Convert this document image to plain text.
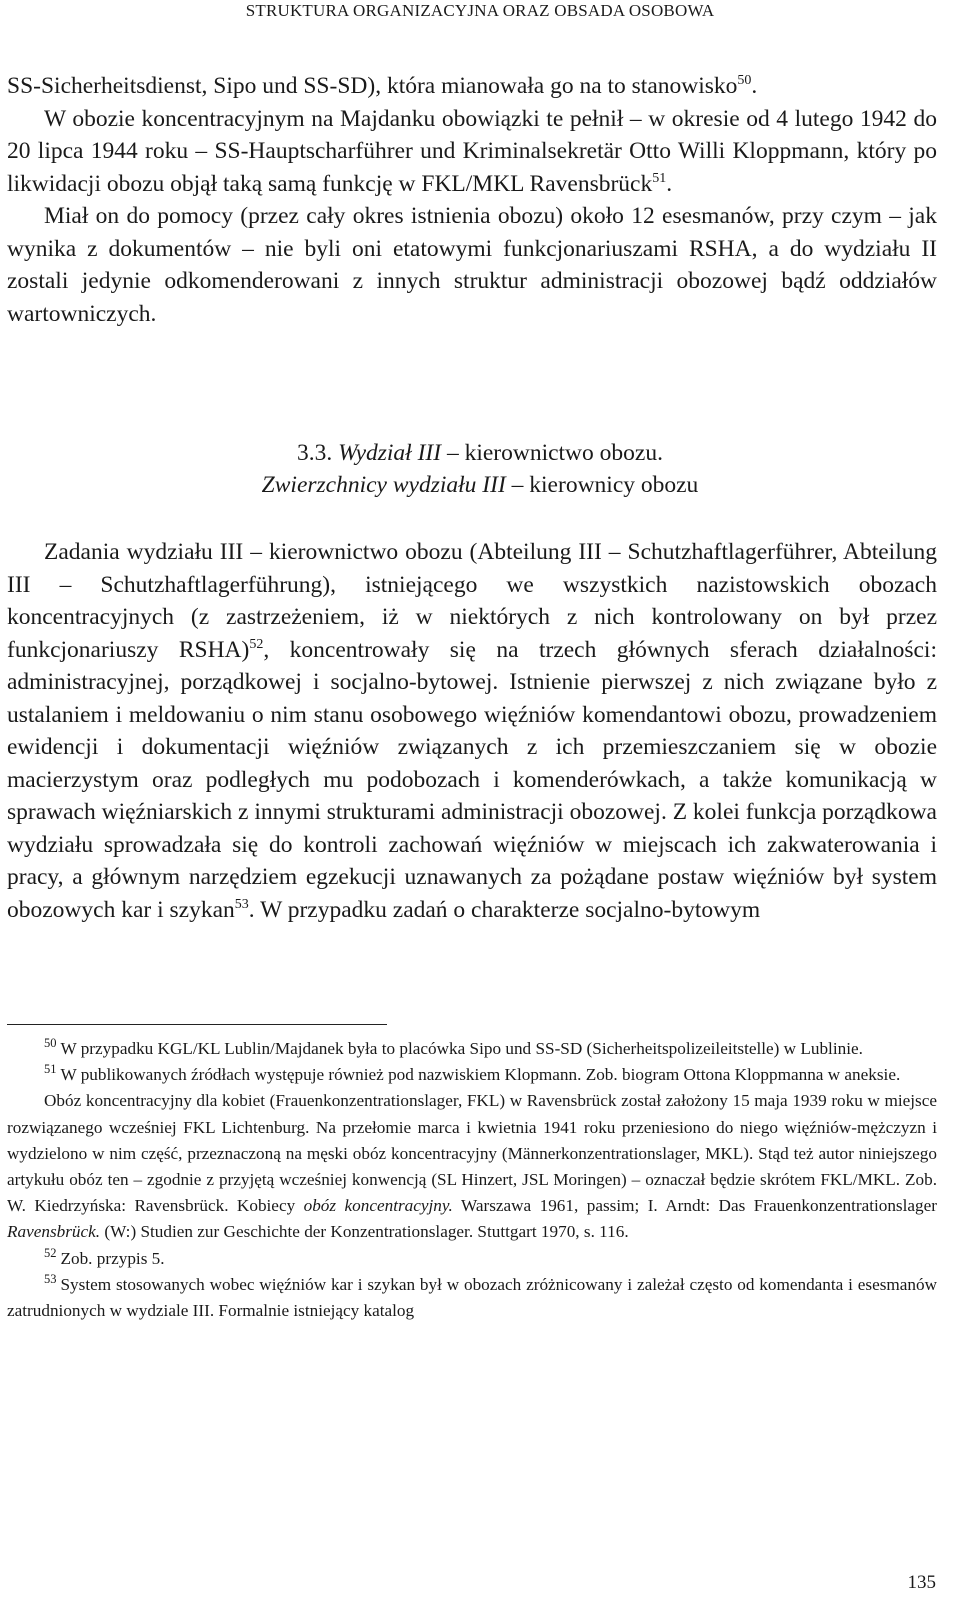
STRUKTURA ORGANIZACYJNA ORAZ OBSADA OSOBOWA

SS-Sicherheitsdienst, Sipo und SS-SD), która mianowała go na to stanowisko$^{50}$.

W obozie koncentracyjnym na Majdanku obowiązki te pełnił – w okresie od 4 lutego 1942 do 20 lipca 1944 roku – SS-Hauptscharführer und Kriminalsekretär Otto Willi Kloppmann, który po likwidacji obozu objął taką samą funkcję w FKL/MKL Ravensbrück$^{51}$.

Miał on do pomocy (przez cały okres istnienia obozu) około 12 esesmanów, przy czym – jak wynika z dokumentów – nie byli oni etatowymi funkcjonariuszami RSHA, a do wydziału II zostali jedynie odkomenderowani z innych struktur administracji obozowej bądź oddziałów wartowniczych.

3.3. Wydział III – kierownictwo obozu.
Zwierzchnicy wydziału III – kierownicy obozu

Zadania wydziału III – kierownictwo obozu (Abteilung III – Schutzhaftlagerführer, Abteilung III – Schutzhaftlagerführung), istniejącego we wszystkich nazistowskich obozach koncentracyjnych (z zastrzeżeniem, iż w niektórych z nich kontrolowany on był przez funkcjonariuszy RSHA)$^{52}$, koncentrowały się na trzech głównych sferach działalności: administracyjnej, porządkowej i socjalno-bytowej. Istnienie pierwszej z nich związane było z ustalaniem i meldowaniu o nim stanu osobowego więźniów komendantowi obozu, prowadzeniem ewidencji i dokumentacji więźniów związanych z ich przemieszczaniem się w obozie macierzystym oraz podległych mu podobozach i komenderówkach, a także komunikacją w sprawach więźniarskich z innymi strukturami administracji obozowej. Z kolei funkcja porządkowa wydziału sprowadzała się do kontroli zachowań więźniów w miejscach ich zakwaterowania i pracy, a głównym narzędziem egzekucji uznawanych za pożądane postaw więźniów był system obozowych kar i szykan$^{53}$. W przypadku zadań o charakterze socjalno-bytowym

$^{50}$ W przypadku KGL/KL Lublin/Majdanek była to placówka Sipo und SS-SD (Sicherheitspolizeileitstelle) w Lublinie.

$^{51}$ W publikowanych źródłach występuje również pod nazwiskiem Klopmann. Zob. biogram Ottona Kloppmanna w aneksie.

Obóz koncentracyjny dla kobiet (Frauenkonzentrationslager, FKL) w Ravensbrück został założony 15 maja 1939 roku w miejsce rozwiązanego wcześniej FKL Lichtenburg. Na przełomie marca i kwietnia 1941 roku przeniesiono do niego więźniów-mężczyzn i wydzielono w nim część, przeznaczoną na męski obóz koncentracyjny (Männerkonzentrationslager, MKL). Stąd też autor niniejszego artykułu obóz ten – zgodnie z przyjętą wcześniej konwencją (SL Hinzert, JSL Moringen) – oznaczał będzie skrótem FKL/MKL. Zob. W. Kiedrzyńska: Ravensbrück. Kobiecy obóz koncentracyjny. Warszawa 1961, passim; I. Arndt: Das Frauenkonzentrationslager Ravensbrück. (W:) Studien zur Geschichte der Konzentrationslager. Stuttgart 1970, s. 116.

$^{52}$ Zob. przypis 5.

$^{53}$ System stosowanych wobec więźniów kar i szykan był w obozach zróżnicowany i zależał często od komendanta i esesmanów zatrudnionych w wydziale III. Formalnie istniejący katalog

135
